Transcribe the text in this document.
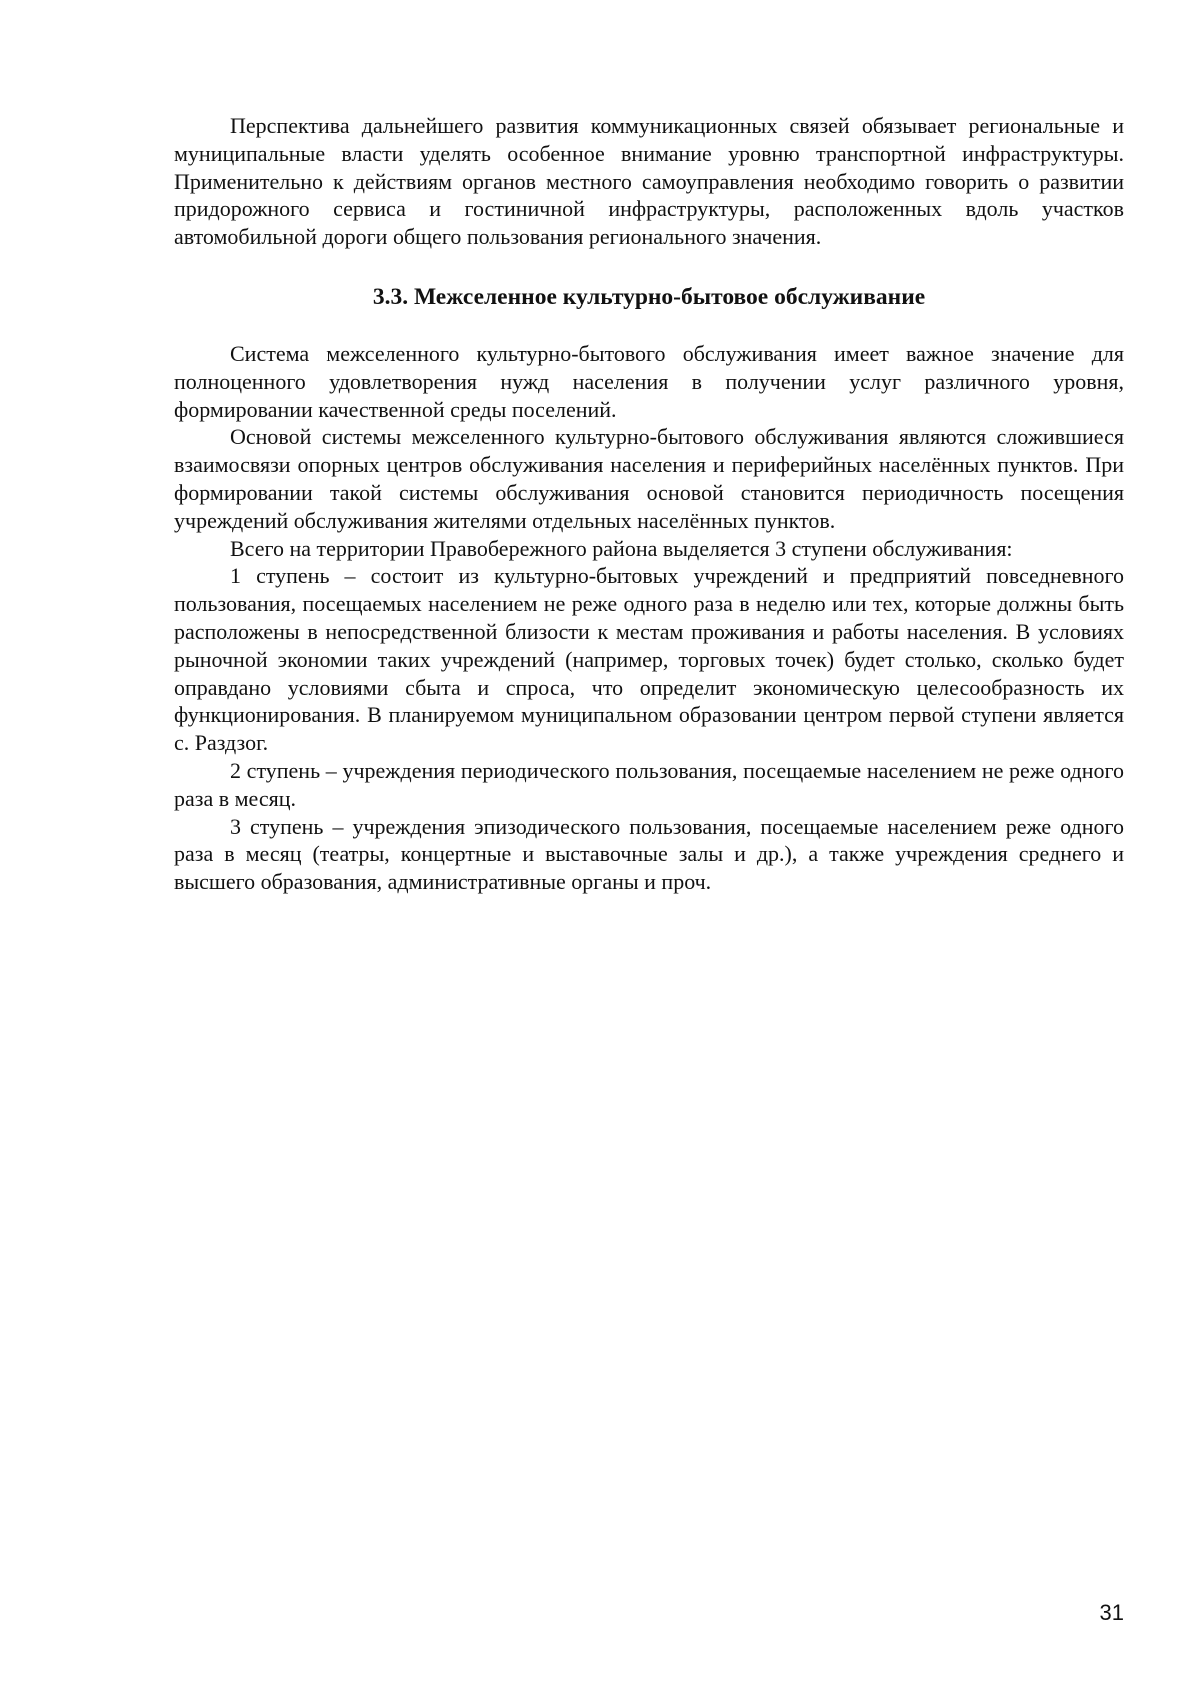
Перспектива дальнейшего развития коммуникационных связей обязывает региональные и муниципальные власти уделять особенное внимание уровню транспортной инфраструктуры. Применительно к действиям органов местного самоуправления необходимо говорить о развитии придорожного сервиса и гостиничной инфраструктуры, расположенных вдоль участков автомобильной дороги общего пользования регионального значения.

3.3. Межселенное культурно-бытовое обслуживание

Система межселенного культурно-бытового обслуживания имеет важное значение для полноценного удовлетворения нужд населения в получении услуг различного уровня, формировании качественной среды поселений.

Основой системы межселенного культурно-бытового обслуживания являются сложившиеся взаимосвязи опорных центров обслуживания населения и периферийных населённых пунктов. При формировании такой системы обслуживания основой становится периодичность посещения учреждений обслуживания жителями отдельных населённых пунктов.

Всего на территории Правобережного района выделяется 3 ступени обслуживания:

1 ступень – состоит из культурно-бытовых учреждений и предприятий повседневного пользования, посещаемых населением не реже одного раза в неделю или тех, которые должны быть расположены в непосредственной близости к местам проживания и работы населения. В условиях рыночной экономии таких учреждений (например, торговых точек) будет столько, сколько будет оправдано условиями сбыта и спроса, что определит экономическую целесообразность их функционирования. В планируемом муниципальном образовании центром первой ступени является с. Раздзог.

2 ступень – учреждения периодического пользования, посещаемые населением не реже одного раза в месяц.

3 ступень – учреждения эпизодического пользования, посещаемые населением реже одного раза в месяц (театры, концертные и выставочные залы и др.), а также учреждения среднего и высшего образования, административные органы и проч.

31
